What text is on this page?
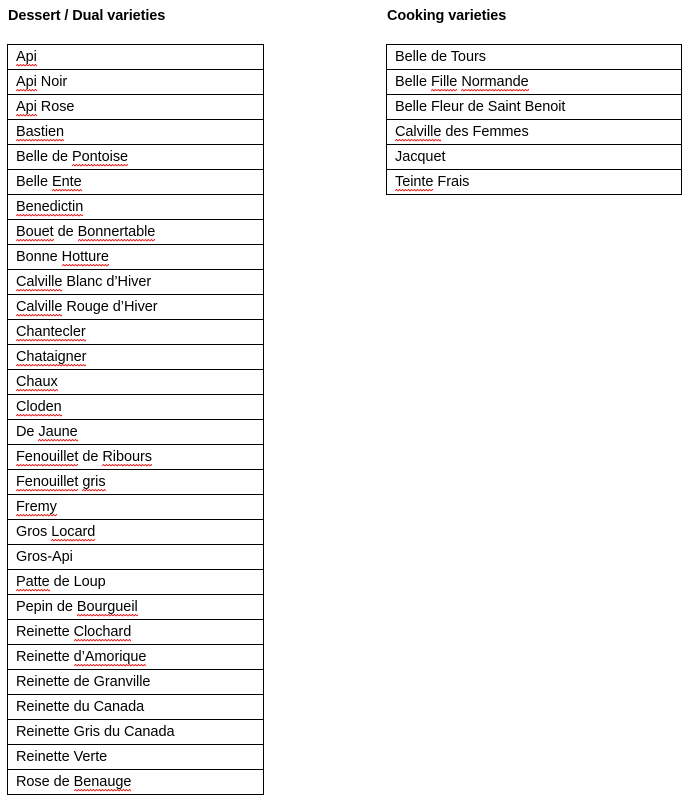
Dessert / Dual varieties
Api
Api Noir
Api Rose
Bastien
Belle de Pontoise
Belle Ente
Benedictin
Bouet de Bonnertable
Bonne Hotture
Calville Blanc d’Hiver
Calville Rouge d’Hiver
Chantecler
Chataigner
Chaux
Cloden
De Jaune
Fenouillet de Ribours
Fenouillet gris
Fremy
Gros Locard
Gros-Api
Patte de Loup
Pepin de Bourgueil
Reinette Clochard
Reinette d’Amorique
Reinette de Granville
Reinette du Canada
Reinette Gris du Canada
Reinette Verte
Rose de Benauge
Cooking varieties
Belle de Tours
Belle Fille Normande
Belle Fleur de Saint Benoit
Calville des Femmes
Jacquet
Teinte Frais
